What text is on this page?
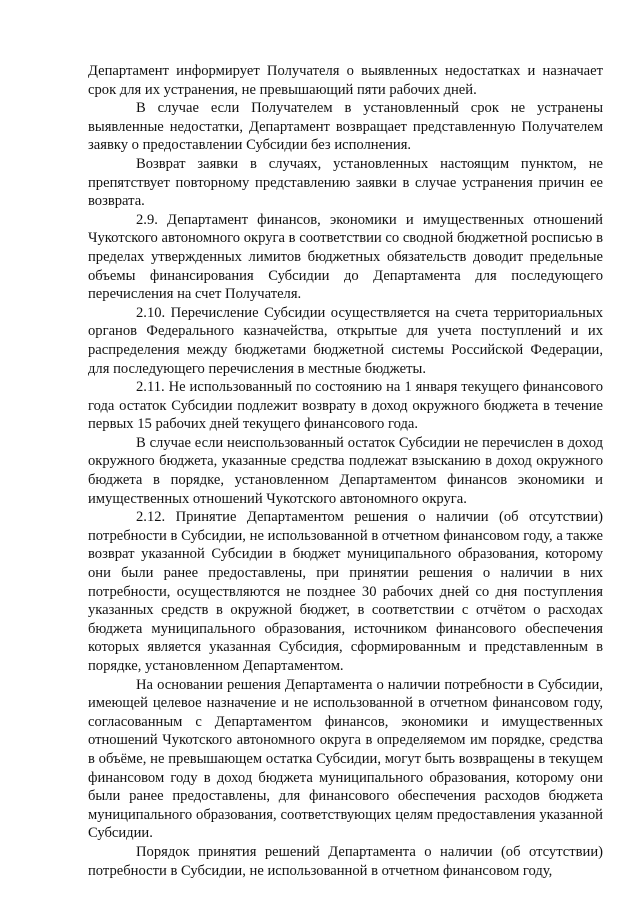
Департамент информирует Получателя о выявленных недостатках и назначает срок для их устранения, не превышающий пяти рабочих дней.

В случае если Получателем в установленный срок не устранены выявленные недостатки, Департамент возвращает представленную Получателем заявку о предоставлении Субсидии без исполнения.

Возврат заявки в случаях, установленных настоящим пунктом, не препятствует повторному представлению заявки в случае устранения причин ее возврата.

2.9. Департамент финансов, экономики и имущественных отношений Чукотского автономного округа в соответствии со сводной бюджетной росписью в пределах утвержденных лимитов бюджетных обязательств доводит предельные объемы финансирования Субсидии до Департамента для последующего перечисления на счет Получателя.

2.10. Перечисление Субсидии осуществляется на счета территориальных органов Федерального казначейства, открытые для учета поступлений и их распределения между бюджетами бюджетной системы Российской Федерации, для последующего перечисления в местные бюджеты.

2.11. Не использованный по состоянию на 1 января текущего финансового года остаток Субсидии подлежит возврату в доход окружного бюджета в течение первых 15 рабочих дней текущего финансового года.

В случае если неиспользованный остаток Субсидии не перечислен в доход окружного бюджета, указанные средства подлежат взысканию в доход окружного бюджета в порядке, установленном Департаментом финансов экономики и имущественных отношений Чукотского автономного округа.

2.12. Принятие Департаментом решения о наличии (об отсутствии) потребности в Субсидии, не использованной в отчетном финансовом году, а также возврат указанной Субсидии в бюджет муниципального образования, которому они были ранее предоставлены, при принятии решения о наличии в них потребности, осуществляются не позднее 30 рабочих дней со дня поступления указанных средств в окружной бюджет, в соответствии с отчётом о расходах бюджета муниципального образования, источником финансового обеспечения которых является указанная Субсидия, сформированным и представленным в порядке, установленном Департаментом.

На основании решения Департамента о наличии потребности в Субсидии, имеющей целевое назначение и не использованной в отчетном финансовом году, согласованным с Департаментом финансов, экономики и имущественных отношений Чукотского автономного округа в определяемом им порядке, средства в объёме, не превышающем остатка Субсидии, могут быть возвращены в текущем финансовом году в доход бюджета муниципального образования, которому они были ранее предоставлены, для финансового обеспечения расходов бюджета муниципального образования, соответствующих целям предоставления указанной Субсидии.

Порядок принятия решений Департамента о наличии (об отсутствии) потребности в Субсидии, не использованной в отчетном финансовом году,
